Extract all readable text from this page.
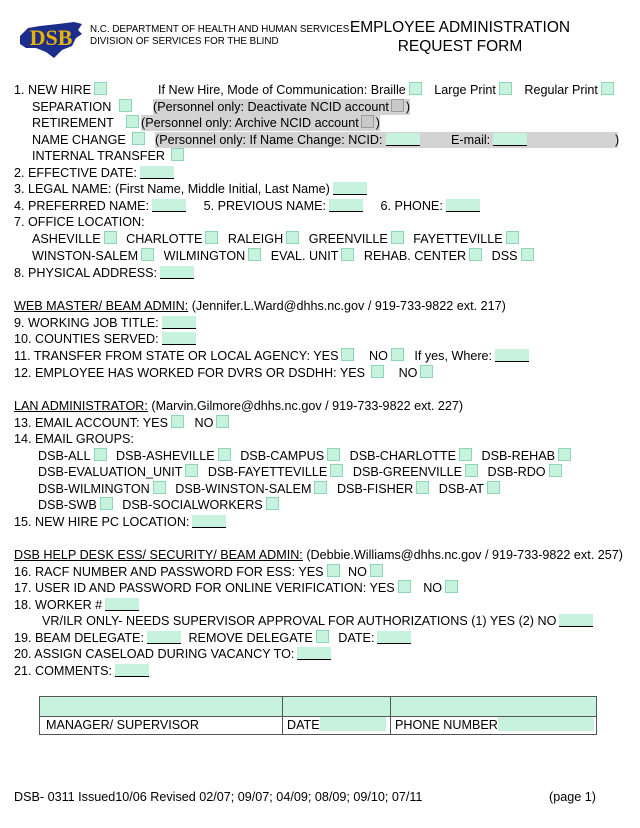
DSB N.C. DEPARTMENT OF HEALTH AND HUMAN SERVICES
DIVISION OF SERVICES FOR THE BLIND
EMPLOYEE ADMINISTRATION
REQUEST FORM
1. NEW HIRE	If New Hire, Mode of Communication: Braille Large Print Regular Print
SEPARATION	(Personnel only: Deactivate NCID account )
RETIREMENT	(Personnel only: Archive NCID account )
NAME CHANGE	(Personnel only: If Name Change: NCID:	E-mail:	)
INTERNAL TRANSFER
2. EFFECTIVE DATE:
3. LEGAL NAME: (First Name, Middle Initial, Last Name)
4. PREFERRED NAME:	5. PREVIOUS NAME:	6. PHONE:
7. OFFICE LOCATION:
ASHEVILLE CHARLOTTE RALEIGH GREENVILLE FAYETTEVILLE
WINSTON-SALEM WILMINGTON EVAL. UNIT REHAB. CENTER DSS
8. PHYSICAL ADDRESS:
WEB MASTER/ BEAM ADMIN: (Jennifer.L.Ward@dhhs.nc.gov / 919-733-9822 ext. 217)
9. WORKING JOB TITLE:
10. COUNTIES SERVED:
11. TRANSFER FROM STATE OR LOCAL AGENCY: YES NO If yes, Where:
12. EMPLOYEE HAS WORKED FOR DVRS OR DSDHH: YES	NO
LAN ADMINISTRATOR: (Marvin.Gilmore@dhhs.nc.gov / 919-733-9822 ext. 227)
13. EMAIL ACCOUNT: YES NO
14. EMAIL GROUPS:
DSB-ALL DSB-ASHEVILLE DSB-CAMPUS DSB-CHARLOTTE DSB-REHAB
DSB-EVALUATION_UNIT DSB-FAYETTEVILLE DSB-GREENVILLE DSB-RDO
DSB-WILMINGTON DSB-WINSTON-SALEM DSB-FISHER DSB-AT
DSB-SWB DSB-SOCIALWORKERS
15. NEW HIRE PC LOCATION:
DSB HELP DESK ESS/ SECURITY/ BEAM ADMIN: (Debbie.Williams@dhhs.nc.gov / 919-733-9822 ext. 257)
16. RACF NUMBER AND PASSWORD FOR ESS: YES NO
17. USER ID AND PASSWORD FOR ONLINE VERIFICATION: YES NO
18. WORKER #
VR/ILR ONLY- NEEDS SUPERVISOR APPROVAL FOR AUTHORIZATIONS (1) YES (2) NO
19. BEAM DELEGATE:	REMOVE DELEGATE DATE:
20. ASSIGN CASELOAD DURING VACANCY TO:
21. COMMENTS:
MANAGER/ SUPERVISOR	DATE	PHONE NUMBER
DSB- 0311 Issued10/06 Revised 02/07; 09/07; 04/09; 08/09; 09/10; 07/11	(page 1)
